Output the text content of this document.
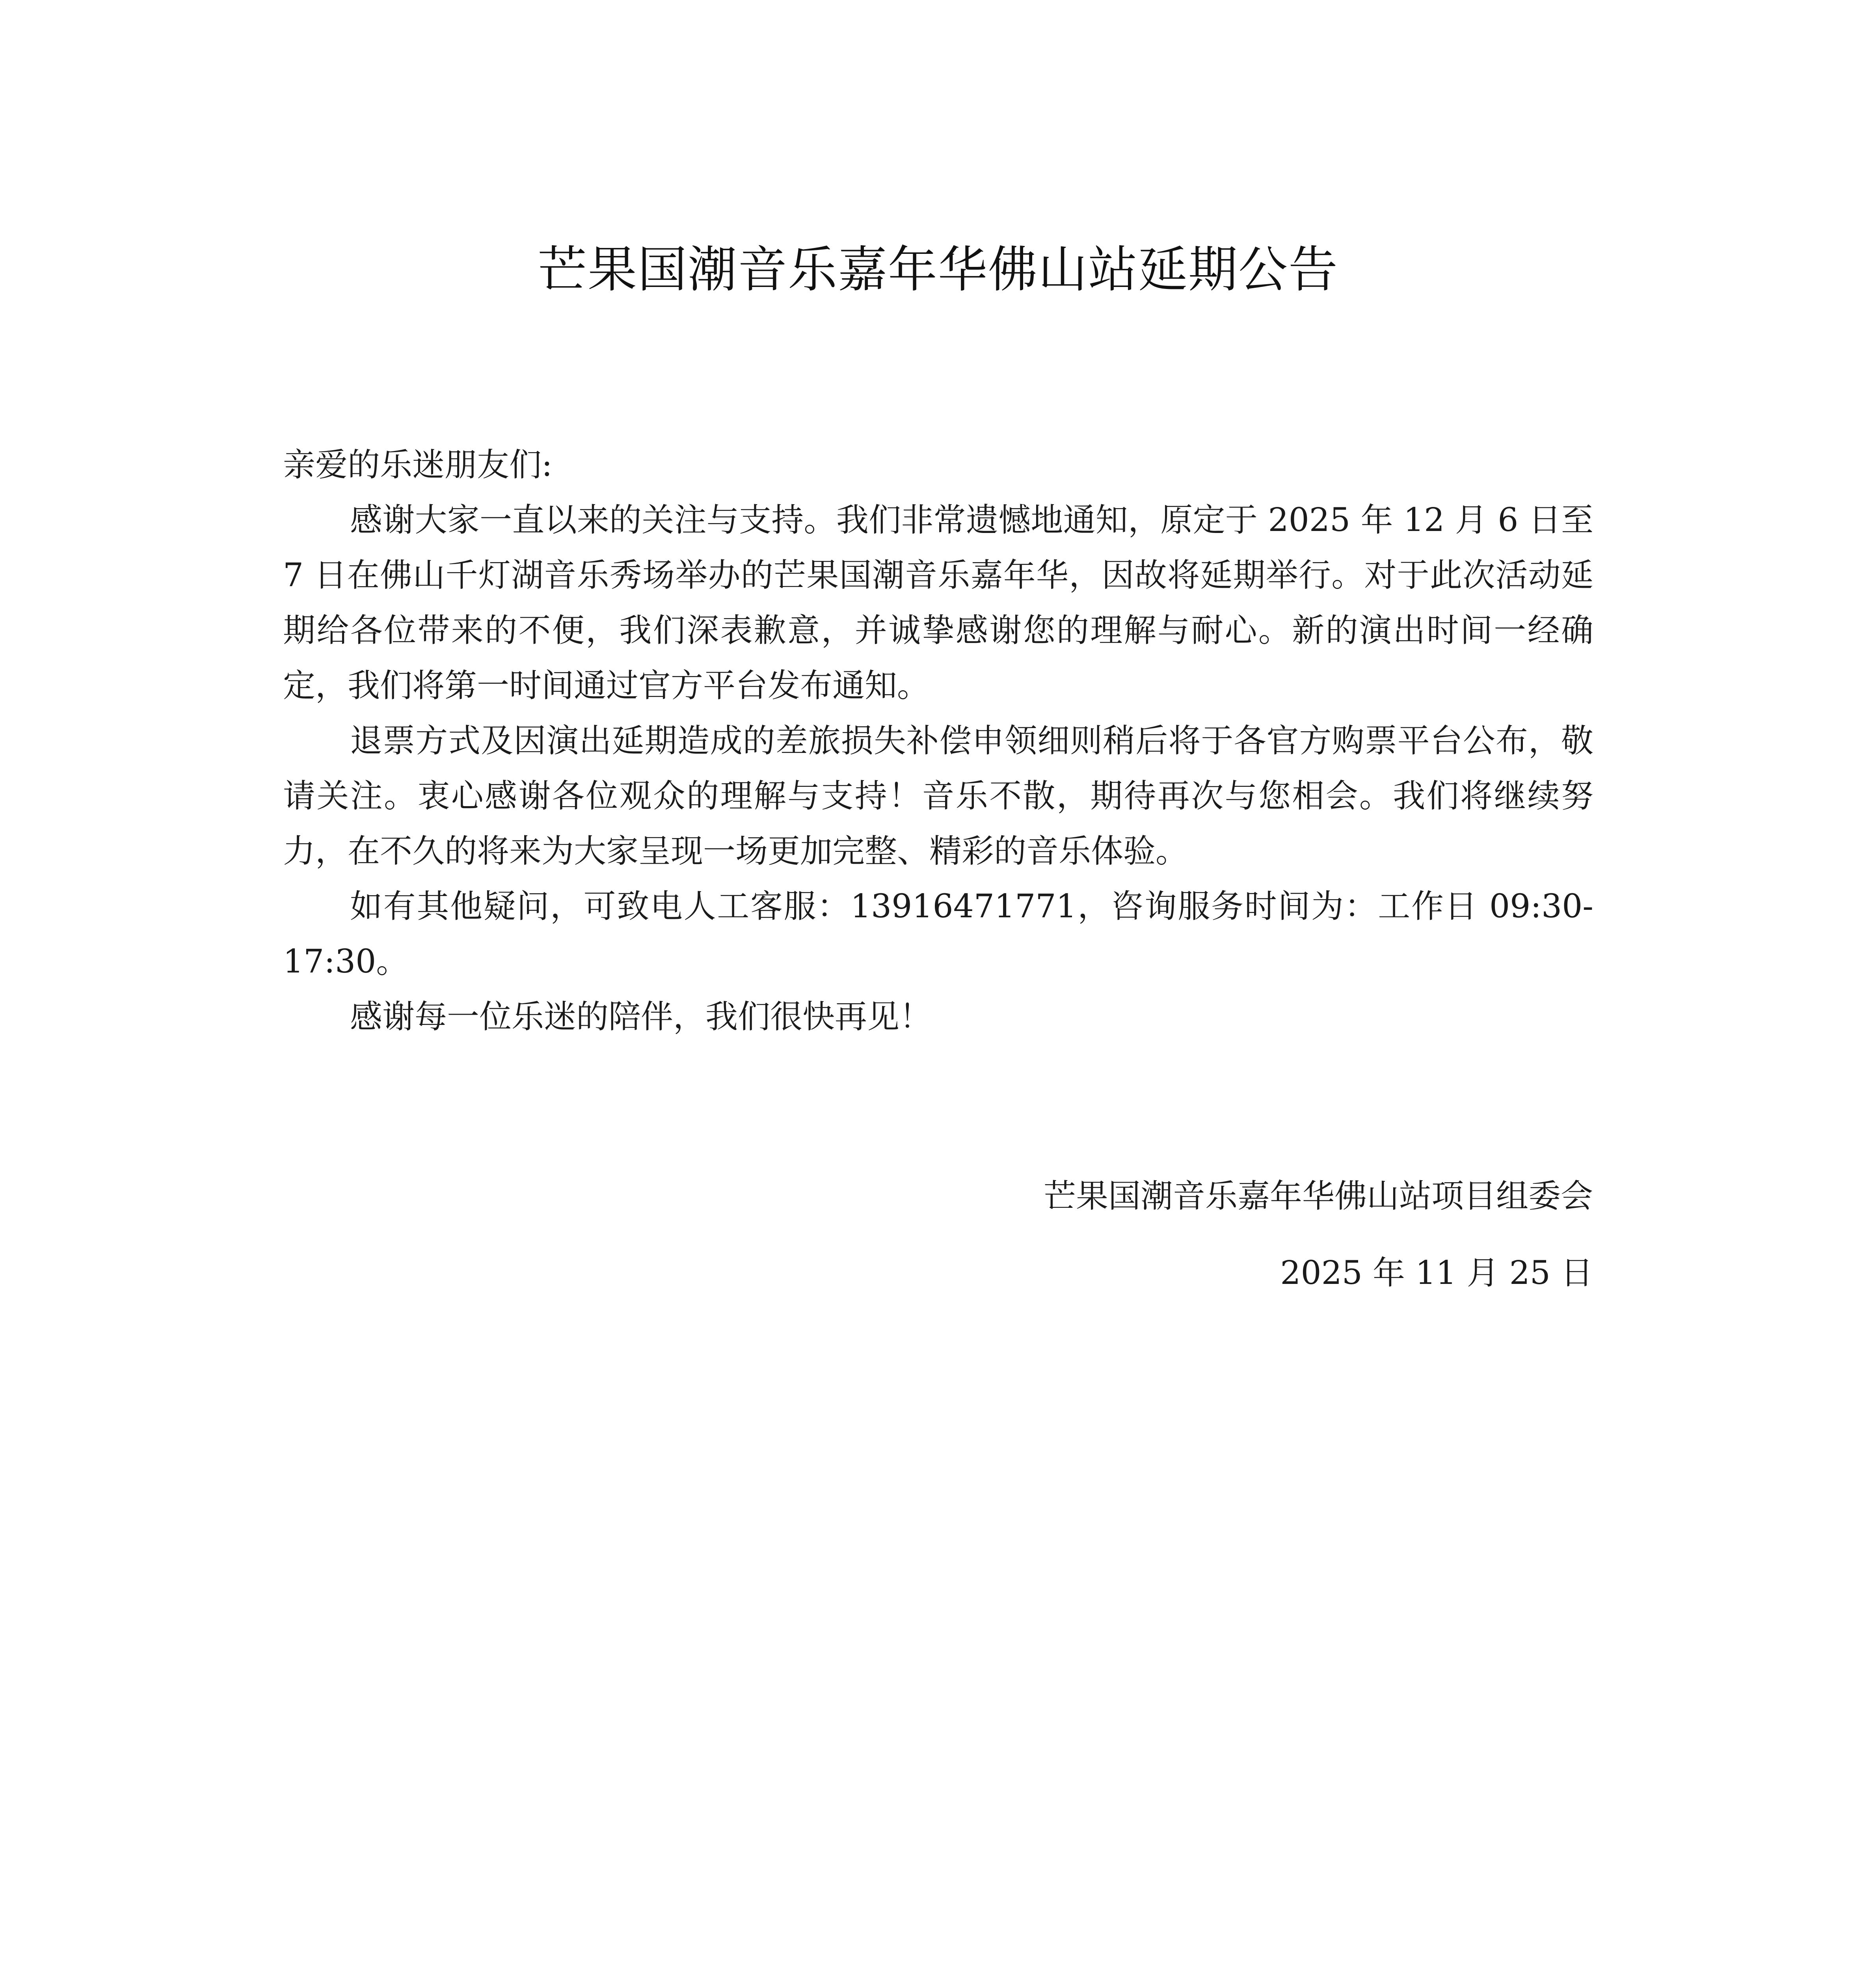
芒果国潮音乐嘉年华佛山站延期公告

亲爱的乐迷朋友们:

感谢大家一直以来的关注与支持。我们非常遗憾地通知，原定于 2025 年 12 月 6 日至 7 日在佛山千灯湖音乐秀场举办的芒果国潮音乐嘉年华，因故将延期举行。对于此次活动延期给各位带来的不便，我们深表歉意，并诚挚感谢您的理解与耐心。新的演出时间一经确定，我们将第一时间通过官方平台发布通知。

退票方式及因演出延期造成的差旅损失补偿申领细则稍后将于各官方购票平台公布，敬请关注。衷心感谢各位观众的理解与支持！音乐不散，期待再次与您相会。我们将继续努力，在不久的将来为大家呈现一场更加完整、精彩的音乐体验。

如有其他疑问，可致电人工客服：13916471771，咨询服务时间为：工作日 09:30-17:30。

感谢每一位乐迷的陪伴，我们很快再见！

芒果国潮音乐嘉年华佛山站项目组委会
2025 年 11 月 25 日
